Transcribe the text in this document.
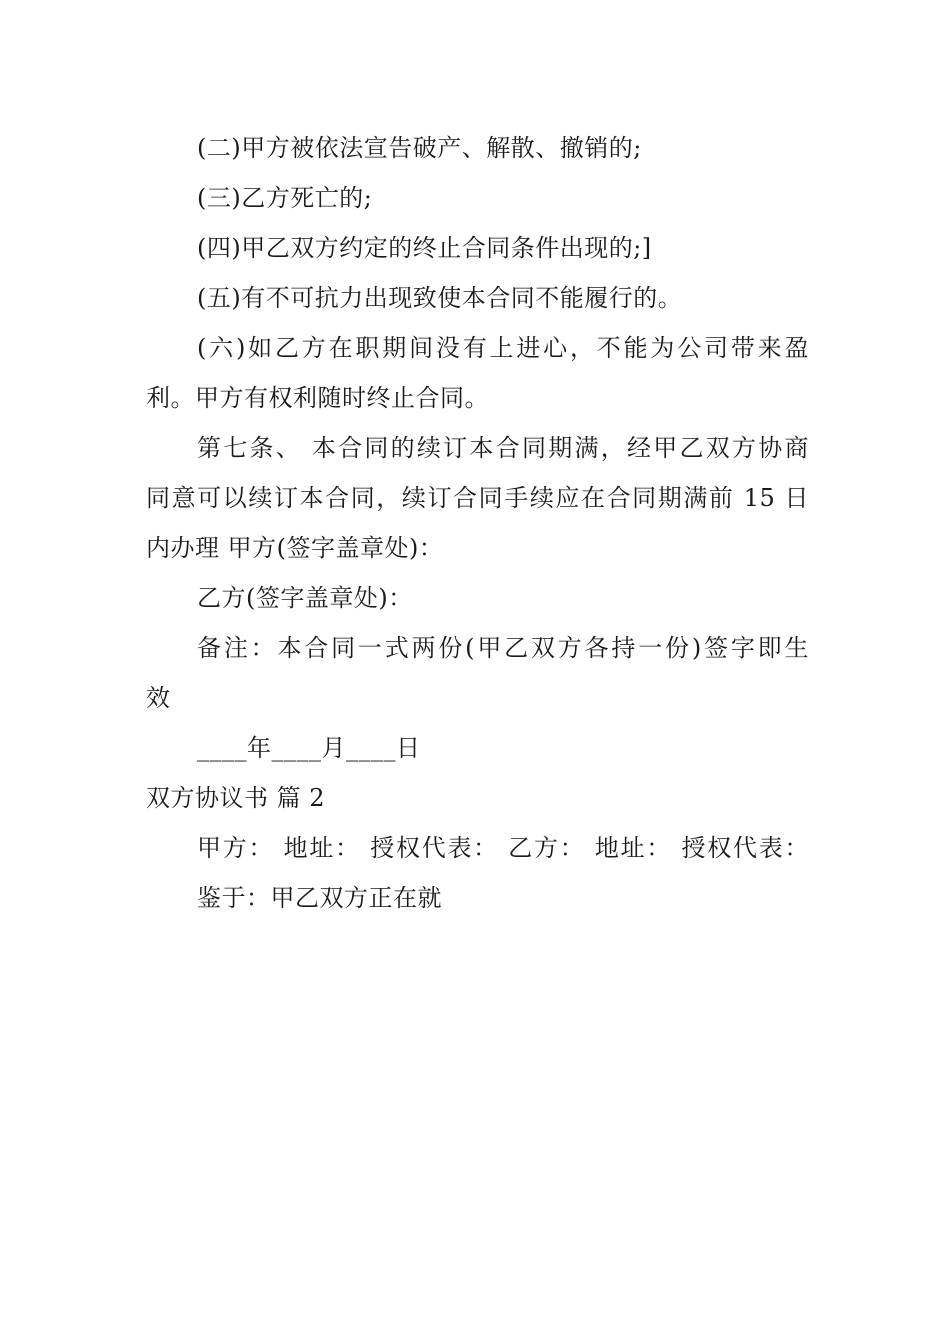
(二)甲方被依法宣告破产、解散、撤销的;
(三)乙方死亡的;
(四)甲乙双方约定的终止合同条件出现的;]
(五)有不可抗力出现致使本合同不能履行的。
(六)如乙方在职期间没有上进心，不能为公司带来盈
利。甲方有权利随时终止合同。
第七条、 本合同的续订本合同期满，经甲乙双方协商
同意可以续订本合同，续订合同手续应在合同期满前 15 日
内办理 甲方(签字盖章处)：
乙方(签字盖章处)：
备注：本合同一式两份(甲乙双方各持一份)签字即生
效
____年____月____日
双方协议书 篇 2
甲方： 地址： 授权代表： 乙方： 地址： 授权代表：
鉴于：甲乙双方正在就
